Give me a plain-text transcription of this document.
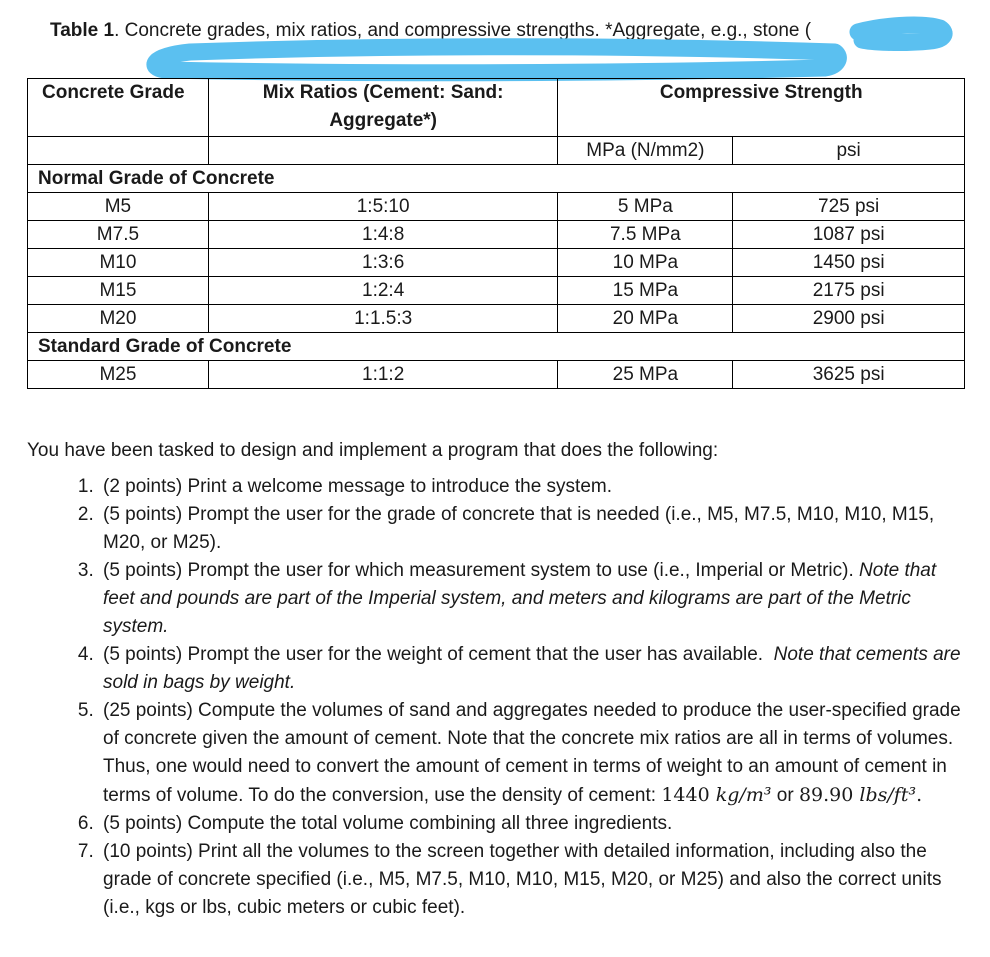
Table 1. Concrete grades, mix ratios, and compressive strengths. *Aggregate, e.g., stone (
Concrete Grade	Mix Ratios (Cement: Sand:
Aggregate*)	Compressive Strength	
		MPa (N/mm2)	psi
Normal Grade of Concrete			
M5	1:5:10	5 MPa	725 psi
M7.5	1:4:8	7.5 MPa	1087 psi
M10	1:3:6	10 MPa	1450 psi
M15	1:2:4	15 MPa	2175 psi
M20	1:1.5:3	20 MPa	2900 psi
Standard Grade of Concrete			
M25	1:1:2	25 MPa	3625 psi

You have been tasked to design and implement a program that does the following:

1. (2 points) Print a welcome message to introduce the system.
2. (5 points) Prompt the user for the grade of concrete that is needed (i.e., M5, M7.5, M10, M10, M15, M20, or M25).
3. (5 points) Prompt the user for which measurement system to use (i.e., Imperial or Metric). Note that feet and pounds are part of the Imperial system, and meters and kilograms are part of the Metric system.
4. (5 points) Prompt the user for the weight of cement that the user has available. Note that cements are sold in bags by weight.
5. (25 points) Compute the volumes of sand and aggregates needed to produce the user-specified grade of concrete given the amount of cement. Note that the concrete mix ratios are all in terms of volumes. Thus, one would need to convert the amount of cement in terms of weight to an amount of cement in terms of volume. To do the conversion, use the density of cement: 1440 kg/m³ or 89.90 lbs/ft³.
6. (5 points) Compute the total volume combining all three ingredients.
7. (10 points) Print all the volumes to the screen together with detailed information, including also the grade of concrete specified (i.e., M5, M7.5, M10, M10, M15, M20, or M25) and also the correct units (i.e., kgs or lbs, cubic meters or cubic feet).
